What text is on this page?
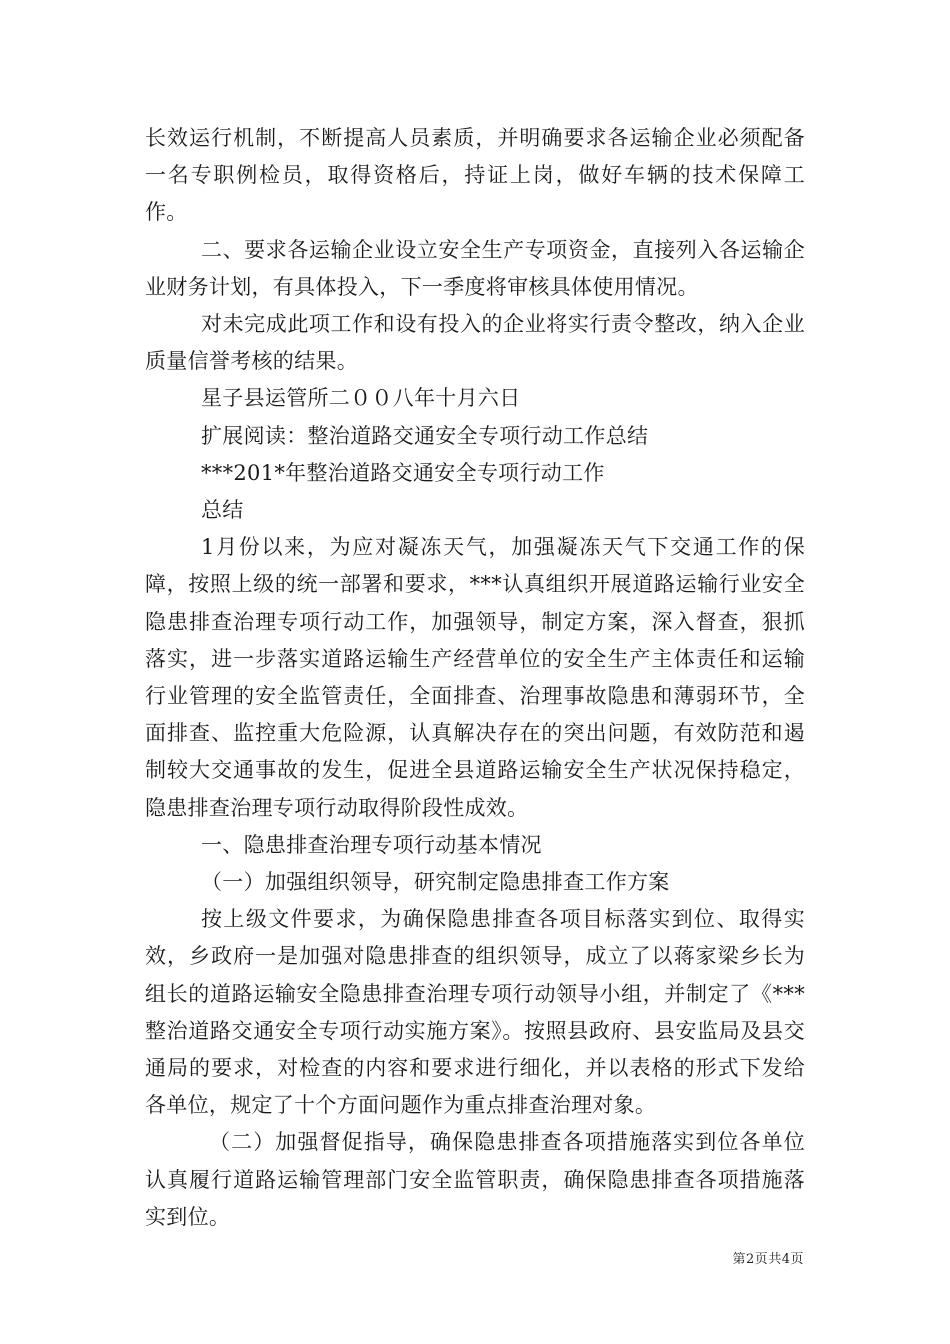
长效运行机制，不断提高人员素质，并明确要求各运输企业必须配备一名专职例检员，取得资格后，持证上岗，做好车辆的技术保障工作。

二、要求各运输企业设立安全生产专项资金，直接列入各运输企业财务计划，有具体投入，下一季度将审核具体使用情况。

对未完成此项工作和设有投入的企业将实行责令整改，纳入企业质量信誉考核的结果。

星子县运管所二００八年十月六日

扩展阅读：整治道路交通安全专项行动工作总结

***201*年整治道路交通安全专项行动工作

总结

1月份以来，为应对凝冻天气，加强凝冻天气下交通工作的保障，按照上级的统一部署和要求，***认真组织开展道路运输行业安全隐患排查治理专项行动工作，加强领导，制定方案，深入督查，狠抓落实，进一步落实道路运输生产经营单位的安全生产主体责任和运输行业管理的安全监管责任，全面排查、治理事故隐患和薄弱环节，全面排查、监控重大危险源，认真解决存在的突出问题，有效防范和遏制较大交通事故的发生，促进全县道路运输安全生产状况保持稳定，隐患排查治理专项行动取得阶段性成效。

一、隐患排查治理专项行动基本情况

（一）加强组织领导，研究制定隐患排查工作方案

按上级文件要求，为确保隐患排查各项目标落实到位、取得实效，乡政府一是加强对隐患排查的组织领导，成立了以蒋家梁乡长为组长的道路运输安全隐患排查治理专项行动领导小组，并制定了《***整治道路交通安全专项行动实施方案》。按照县政府、县安监局及县交通局的要求，对检查的内容和要求进行细化，并以表格的形式下发给各单位，规定了十个方面问题作为重点排查治理对象。

（二）加强督促指导，确保隐患排查各项措施落实到位各单位认真履行道路运输管理部门安全监管职责，确保隐患排查各项措施落实到位。

第2页共4页
